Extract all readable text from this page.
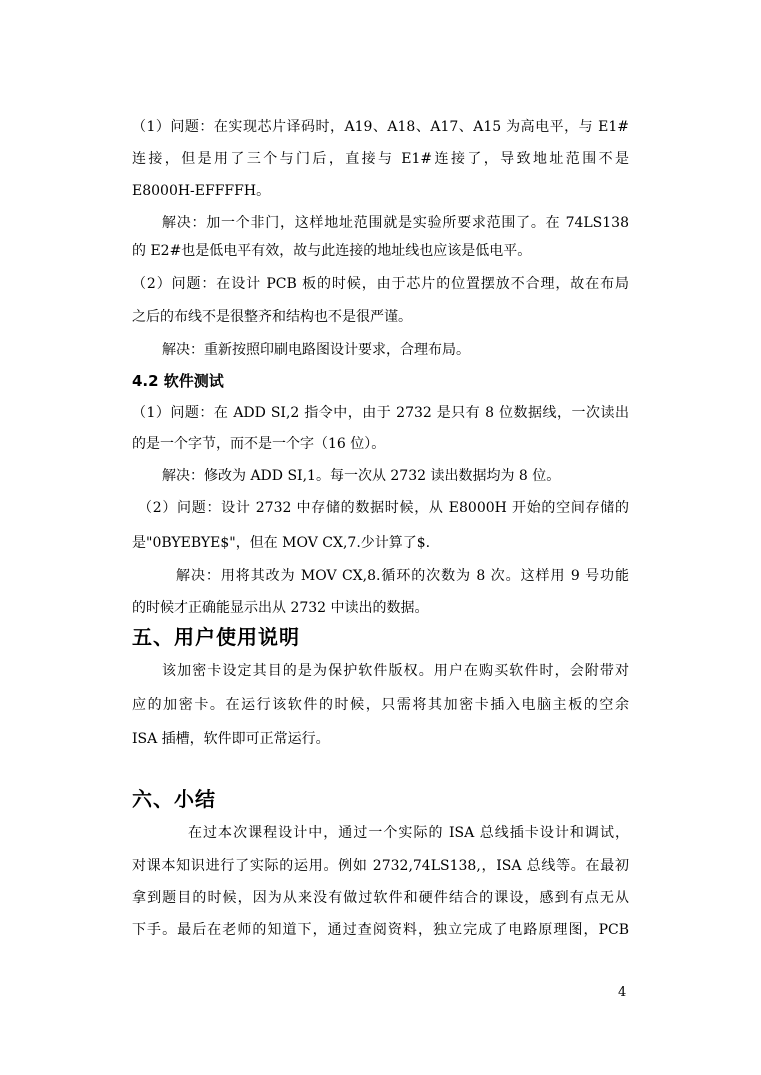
（1）问题：在实现芯片译码时，A19、A18、A17、A15 为高电平，与 E1#
连接，但是用了三个与门后，直接与 E1#连接了，导致地址范围不是
E8000H-EFFFFH。
解决：加一个非门，这样地址范围就是实验所要求范围了。在 74LS138
的 E2#也是低电平有效，故与此连接的地址线也应该是低电平。
（2）问题：在设计 PCB 板的时候，由于芯片的位置摆放不合理，故在布局
之后的布线不是很整齐和结构也不是很严谨。
解决：重新按照印刷电路图设计要求，合理布局。
4.2 软件测试
（1）问题：在 ADD SI,2 指令中，由于 2732 是只有 8 位数据线，一次读出
的是一个字节，而不是一个字（16 位）。
解决：修改为 ADD SI,1。每一次从 2732 读出数据均为 8 位。
（2）问题：设计 2732 中存储的数据时候，从 E8000H 开始的空间存储的
是"0BYEBYE$"，但在 MOV CX,7.少计算了$.
解决：用将其改为 MOV CX,8.循环的次数为 8 次。这样用 9 号功能
的时候才正确能显示出从 2732 中读出的数据。
五、用户使用说明
该加密卡设定其目的是为保护软件版权。用户在购买软件时，会附带对
应的加密卡。在运行该软件的时候，只需将其加密卡插入电脑主板的空余
ISA 插槽，软件即可正常运行。
六、小结
在过本次课程设计中，通过一个实际的 ISA 总线插卡设计和调试，
对课本知识进行了实际的运用。例如 2732,74LS138,，ISA 总线等。在最初
拿到题目的时候，因为从来没有做过软件和硬件结合的课设，感到有点无从
下手。最后在老师的知道下，通过查阅资料，独立完成了电路原理图，PCB
4
